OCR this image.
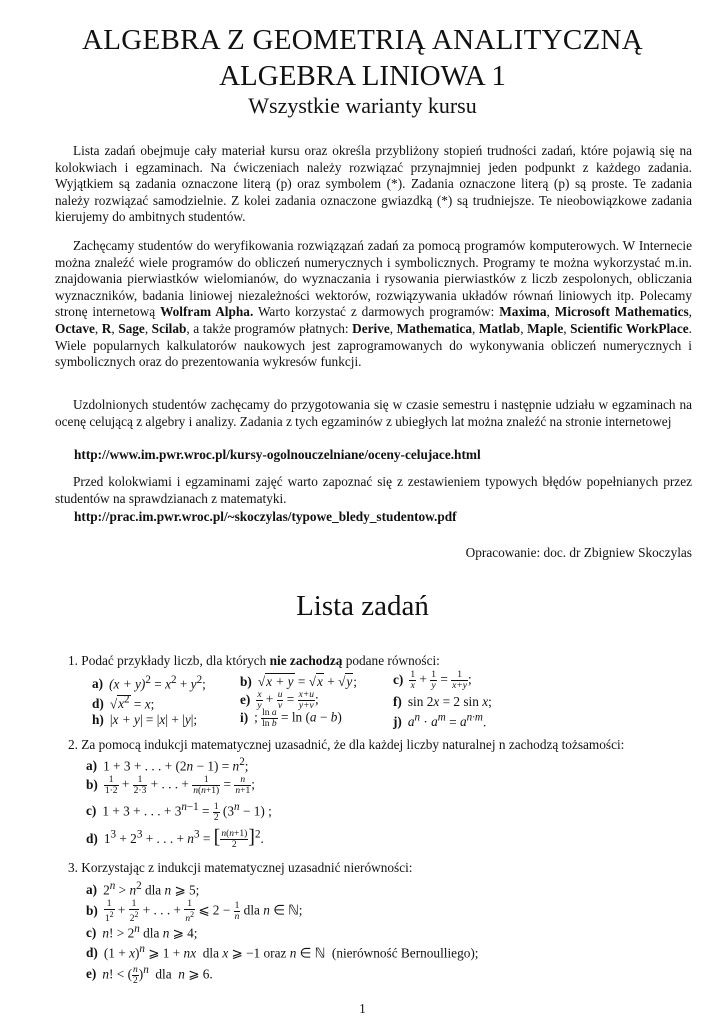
ALGEBRA Z GEOMETRIĄ ANALITYCZNĄ
ALGEBRA LINIOWA 1
Wszystkie warianty kursu

Lista zadań obejmuje cały materiał kursu oraz określa przybliżony stopień trudności zadań, które pojawią się na kolokwiach i egzaminach. Na ćwiczeniach należy rozwiązać przynajmniej jeden podpunkt z każdego zadania. Wyjątkiem są zadania oznaczone literą (p) oraz symbolem (*). Zadania oznaczone literą (p) są proste. Te zadania należy rozwiązać samodzielnie. Z kolei zadania oznaczone gwiazdką (*) są trudniejsze. Te nieobowiązkowe zadania kierujemy do ambitnych studentów.

Zachęcamy studentów do weryfikowania rozwiązązań zadań za pomocą programów komputerowych. W Internecie można znaleźć wiele programów do obliczeń numerycznych i symbolicznych. Programy te można wykorzystać m.in. znajdowania pierwiastków wielomianów, do wyznaczania i rysowania pierwiastków z liczb zespolonych, obliczania wyznaczników, badania liniowej niezależności wektorów, rozwiązywania układów równań liniowych itp. Polecamy stronę internetową Wolfram Alpha. Warto korzystać z darmowych programów: Maxima, Microsoft Mathematics, Octave, R, Sage, Scilab, a także programów płatnych: Derive, Mathematica, Matlab, Maple, Scientific WorkPlace. Wiele popularnych kalkulatorów naukowych jest zaprogramowanych do wykonywania obliczeń numerycznych i symbolicznych oraz do prezentowania wykresów funkcji.

Uzdolnionych studentów zachęcamy do przygotowania się w czasie semestru i następnie udziału w egzaminach na ocenę celującą z algebry i analizy. Zadania z tych egzaminów z ubiegłych lat można znaleźć na stronie internetowej

http://www.im.pwr.wroc.pl/kursy-ogolnouczelniane/oceny-celujace.html

Przed kolokwiami i egzaminami zajęć warto zapoznać się z zestawieniem typowych błędów popełnianych przez studentów na sprawdzianach z matematyki.

http://prac.im.pwr.wroc.pl/~skoczylas/typowe_bledy_studentow.pdf
Opracowanie: doc. dr Zbigniew Skoczylas
Lista zadań
1. Podać przykłady liczb, dla których nie zachodzą podane równości:
a) $(x + y)^2 = x^2 + y^2$;	b) √x + y = √x + √y;	$c) \frac{1}{x} + \frac{1}{y} = \frac{1}{x+y}$ ;
d) $√x^2 = x$;	$e) \frac{x}{y} + \frac{u}{v} = \frac{x+u}{y+v}$ ;	f) sin 2x = 2 sin x;
h) |x + y| = |x| + |y|;	i) ; $\frac{\text{ln a}}{\text{ln b}} = \ln (a - b)$	j) $a^n \cdot a^m = a^{n\cdot m}$.
2. Za pomocą indukcji matematycznej uzasadnić, że dla każdej liczby naturalnej n zachodzą tożsamości:
a) 1 + 3 + . . . + $(2n - 1) = n^2$;
$b) \frac{1}{1\cdot 2} + \frac{1}{2\cdot 3}$ + . . . + $\frac{1}{n(n+1)} = \frac{n}{n+1}$ ;
c) 1 + 3 + . . . + $3^{n-1} = \frac{1}{2} (3^n - 1)$ ;
d) $1^3 + 2^3$ + . . . + $n^3$ = [ $\frac{n(n+1)}{2} ]^2$.
3. Korzystając z indukcji matematycznej uzasadnić nierówności:
a) $2^n > n^2$ dla n ⩾ 5;
$b) \frac{1}{1^2} + \frac{1}{2^2}$ + . . . + $\frac{1}{n^2}$ ⩽ $2 - \frac{1}{n}$ dla n ∈ ℕ;
c) n! > $2^n$ dla n ⩾ 4;
d) $(1 + x)^n$ ⩾ 1 + nx  dla x ⩾ −1 oraz n ∈ ℕ  (nierówność Bernoulliego);
e) n! < ( $\frac{n}{2} )^n$  dla  n ⩾ 6.
1
